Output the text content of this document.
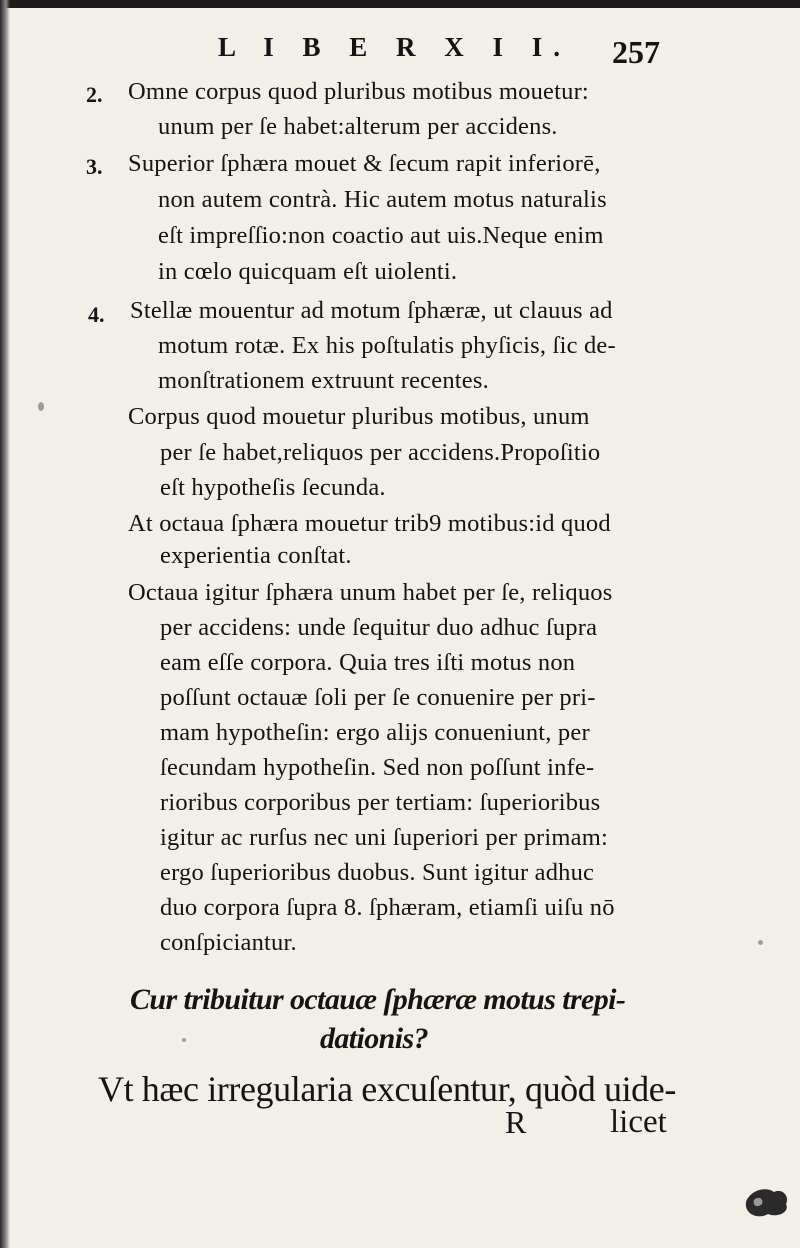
L I B E R X I I. 257
2. Omne corpus quod pluribus motibus mouetur:
unum per ſe habet:alterum per accidens.
3. Superior ſphæra mouet & ſecum rapit inferiorē,
non autem contrà. Hic autem motus naturalis
eſt impreſſio:non coactio aut uis.Neque enim
in cœlo quicquam eſt uiolenti.
4. Stellæ mouentur ad motum ſphæræ, ut clauus ad
motum rotæ. Ex his poſtulatis phyſicis, ſic de-
monſtrationem extruunt recentes.
Corpus quod mouetur pluribus motibus, unum
per ſe habet,reliquos per accidens.Propoſitio
eſt hypotheſis ſecunda.
At octaua ſphæra mouetur trib9 motibus:id quod
experientia conſtat.
Octaua igitur ſphæra unum habet per ſe, reliquos
per accidens: unde ſequitur duo adhuc ſupra
eam eſſe corpora. Quia tres iſti motus non
poſſunt octauæ ſoli per ſe conuenire per pri-
mam hypotheſin: ergo alijs conueniunt, per
ſecundam hypotheſin. Sed non poſſunt infe-
rioribus corporibus per tertiam: ſuperioribus
igitur ac rurſus nec uni ſuperiori per primam:
ergo ſuperioribus duobus. Sunt igitur adhuc
duo corpora ſupra 8. ſphæram, etiamſi uiſu nō
conſpiciantur.
Cur tribuitur octauæ ſphæræ motus trepi-
dationis?
Vt hæc irregularia excuſentur, quòd uide-
R	licet
